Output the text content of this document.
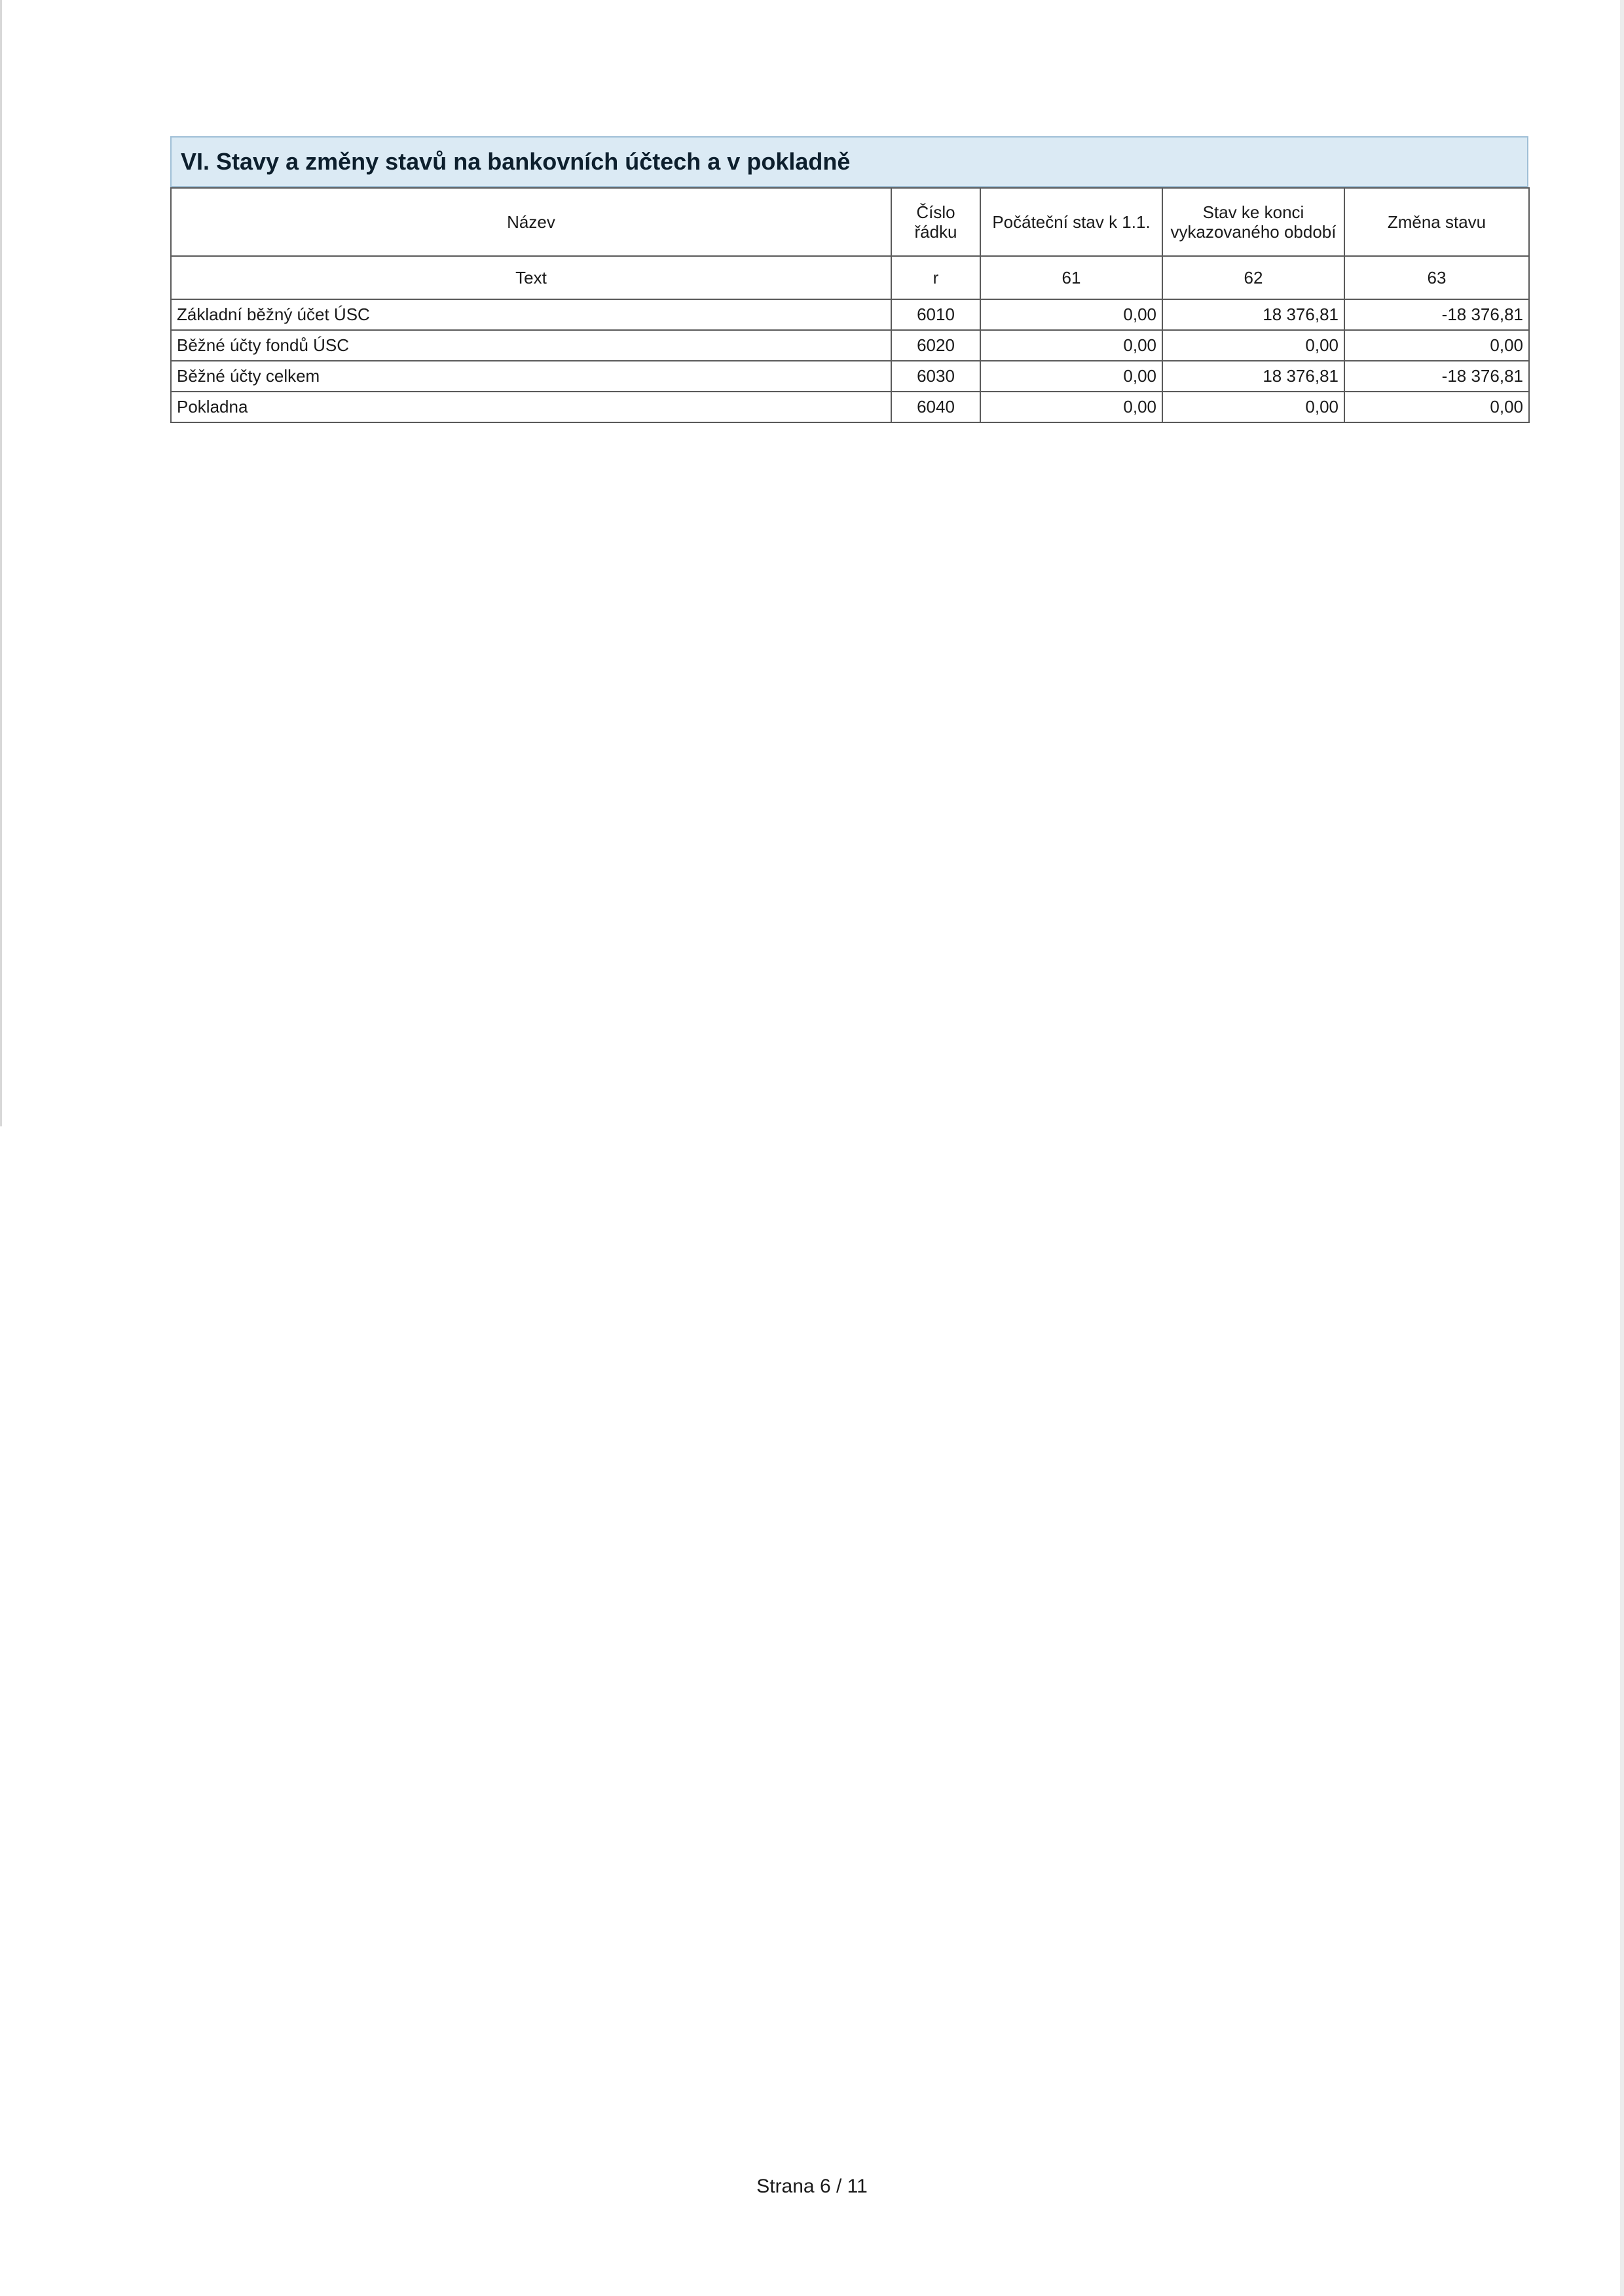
VI. Stavy a změny stavů na bankovních účtech a v pokladně
Název	Číslo řádku	Počáteční stav k 1.1.	Stav ke konci vykazovaného období	Změna stavu
Text	r	61	62	63
Základní běžný účet ÚSC	6010	0,00	18 376,81	-18 376,81
Běžné účty fondů ÚSC	6020	0,00	0,00	0,00
Běžné účty celkem	6030	0,00	18 376,81	-18 376,81
Pokladna	6040	0,00	0,00	0,00
Strana 6 / 11
